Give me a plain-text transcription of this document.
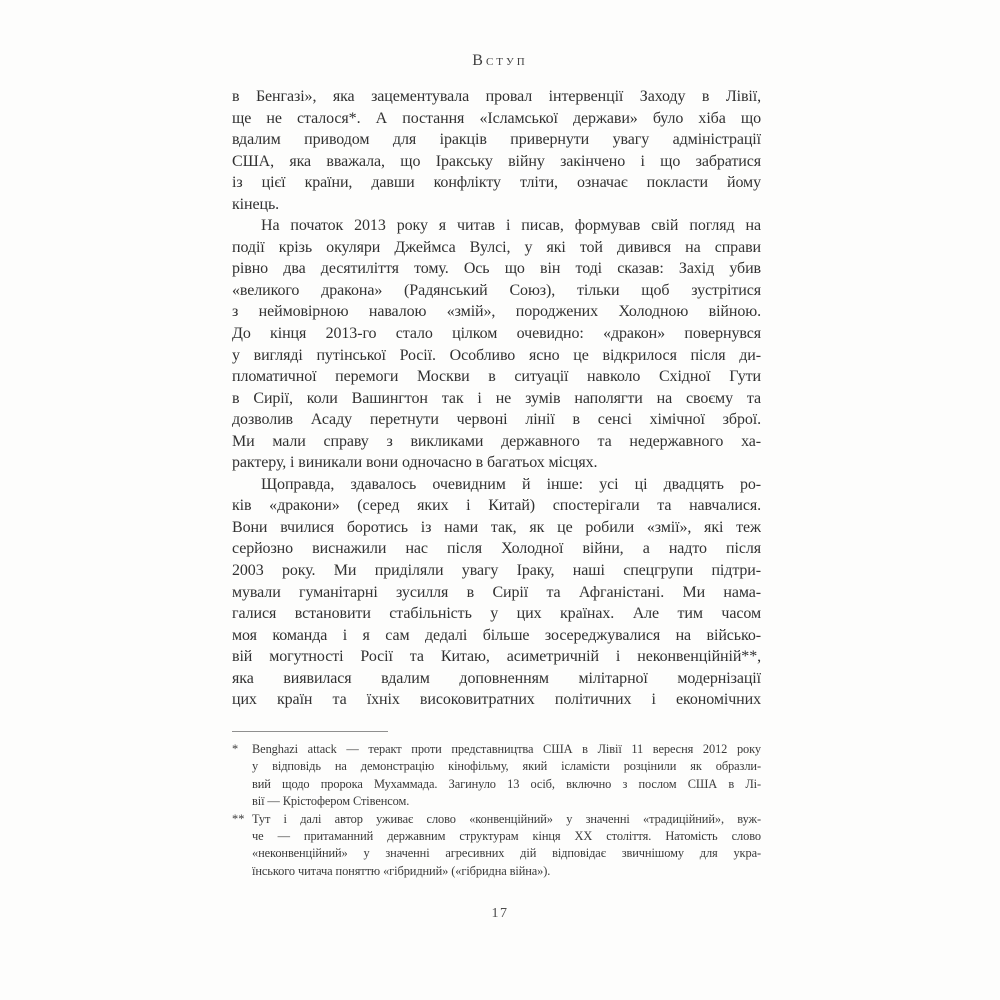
Вступ
в Бенгазі», яка зацементувала провал інтервенції Заходу в Лівії,
ще не сталося*. А постання «Ісламської держави» було хіба що
вдалим приводом для іракців привернути увагу адміністрації
США, яка вважала, що Іракську війну закінчено і що забратися
із цієї країни, давши конфлікту тліти, означає покласти йому
кінець.
На початок 2013 року я читав і писав, формував свій погляд на
події крізь окуляри Джеймса Вулсі, у які той дивився на справи
рівно два десятиліття тому. Ось що він тоді сказав: Захід убив
«великого дракона» (Радянський Союз), тільки щоб зустрітися
з неймовірною навалою «змій», породжених Холодною війною.
До кінця 2013-го стало цілком очевидно: «дракон» повернувся
у вигляді путінської Росії. Особливо ясно це відкрилося після ди-
пломатичної перемоги Москви в ситуації навколо Східної Гути
в Сирії, коли Вашингтон так і не зумів наполягти на своєму та
дозволив Асаду перетнути червоні лінії в сенсі хімічної зброї.
Ми мали справу з викликами державного та недержавного ха-
рактеру, і виникали вони одночасно в багатьох місцях.
Щоправда, здавалось очевидним й інше: усі ці двадцять ро-
ків «дракони» (серед яких і Китай) спостерігали та навчалися.
Вони вчилися боротись із нами так, як це робили «змії», які теж
серйозно виснажили нас після Холодної війни, а надто після
2003 року. Ми приділяли увагу Іраку, наші спецгрупи підтри-
мували гуманітарні зусилля в Сирії та Афганістані. Ми нама-
галися встановити стабільність у цих країнах. Але тим часом
моя команда і я сам дедалі більше зосереджувалися на військо-
вій могутності Росії та Китаю, асиметричній і неконвенційній**,
яка виявилася вдалим доповненням мілітарної модернізації
цих країн та їхніх високовитратних політичних і економічних
*	Benghazi attack — теракт проти представництва США в Лівії 11 вересня 2012 року
у відповідь на демонстрацію кінофільму, який ісламісти розцінили як образли-
вий щодо пророка Мухаммада. Загинуло 13 осіб, включно з послом США в Лі-
вії — Крістофером Стівенсом.
** Тут і далі автор уживає слово «конвенційний» у значенні «традиційний», вуж-
че — притаманний державним структурам кінця XX століття. Натомість слово
«неконвенційний» у значенні агресивних дій відповідає звичнішому для укра-
їнського читача поняттю «гібридний» («гібридна війна»).
17
